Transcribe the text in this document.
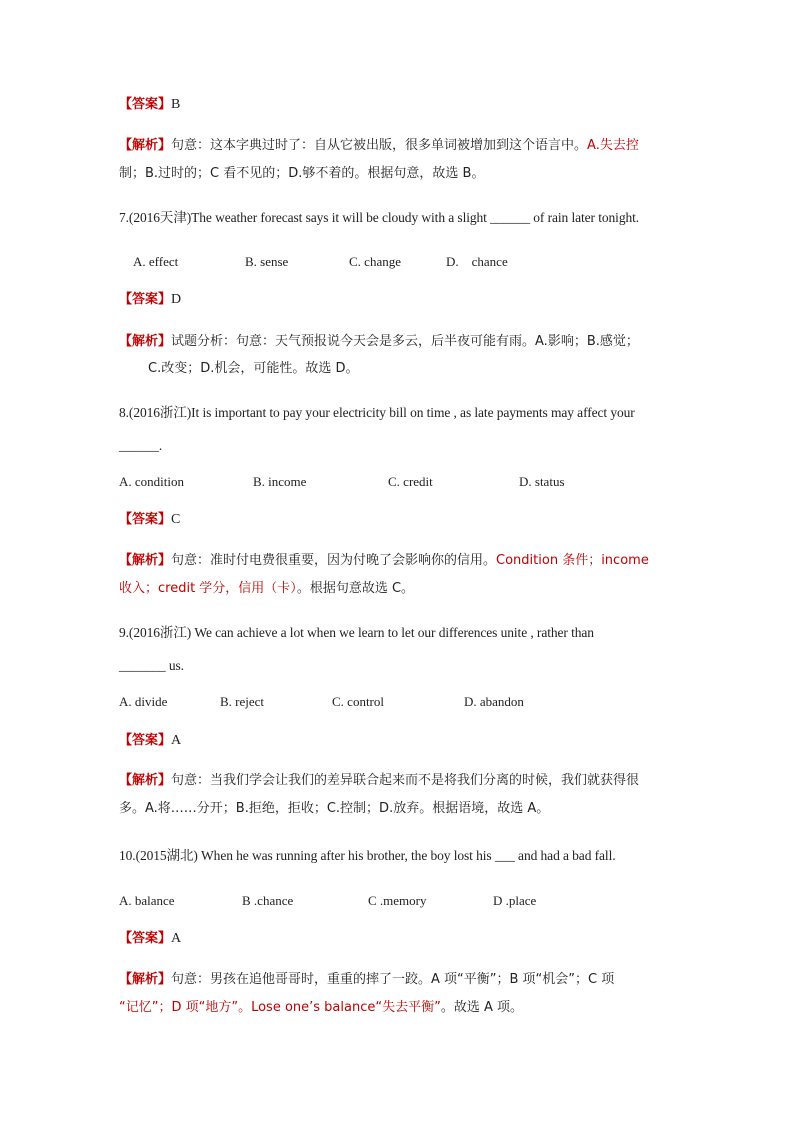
【答案】B
【解析】句意：这本字典过时了：自从它被出版，很多单词被增加到这个语言中。A.失去控
制；B.过时的；C 看不见的；D.够不着的。根据句意，故选 B。
7.(2016天津)The weather forecast says it will be cloudy with a slight ______ of rain later tonight.
A. effect	B. sense	C. change	D.    chance
【答案】D
【解析】试题分析：句意：天气预报说今天会是多云，后半夜可能有雨。A.影响；B.感觉；
C.改变；D.机会，可能性。故选 D。
8.(2016浙江)It is important to pay your electricity bill on time , as late payments may affect your
______.
A. condition	B. income	C. credit	D. status
【答案】C
【解析】句意：准时付电费很重要，因为付晚了会影响你的信用。Condition 条件；income
收入；credit 学分，信用（卡）。根据句意故选 C。
9.(2016浙江) We can achieve a lot when we learn to let our differences unite , rather than
_______ us.
A. divide	B. reject	C. control	D. abandon
【答案】A
【解析】句意：当我们学会让我们的差异联合起来而不是将我们分离的时候，我们就获得很
多。A.将……分开；B.拒绝，拒收；C.控制；D.放弃。根据语境，故选 A。
10.(2015湖北) When he was running after his brother, the boy lost his ___ and had a bad fall.
A. balance	B .chance	C .memory	D .place
【答案】A
【解析】句意：男孩在追他哥哥时，重重的摔了一跤。A 项“平衡”；B 项“机会”；C 项
“记忆”；D 项“地方”。Lose one’s balance“失去平衡”。故选 A 项。
